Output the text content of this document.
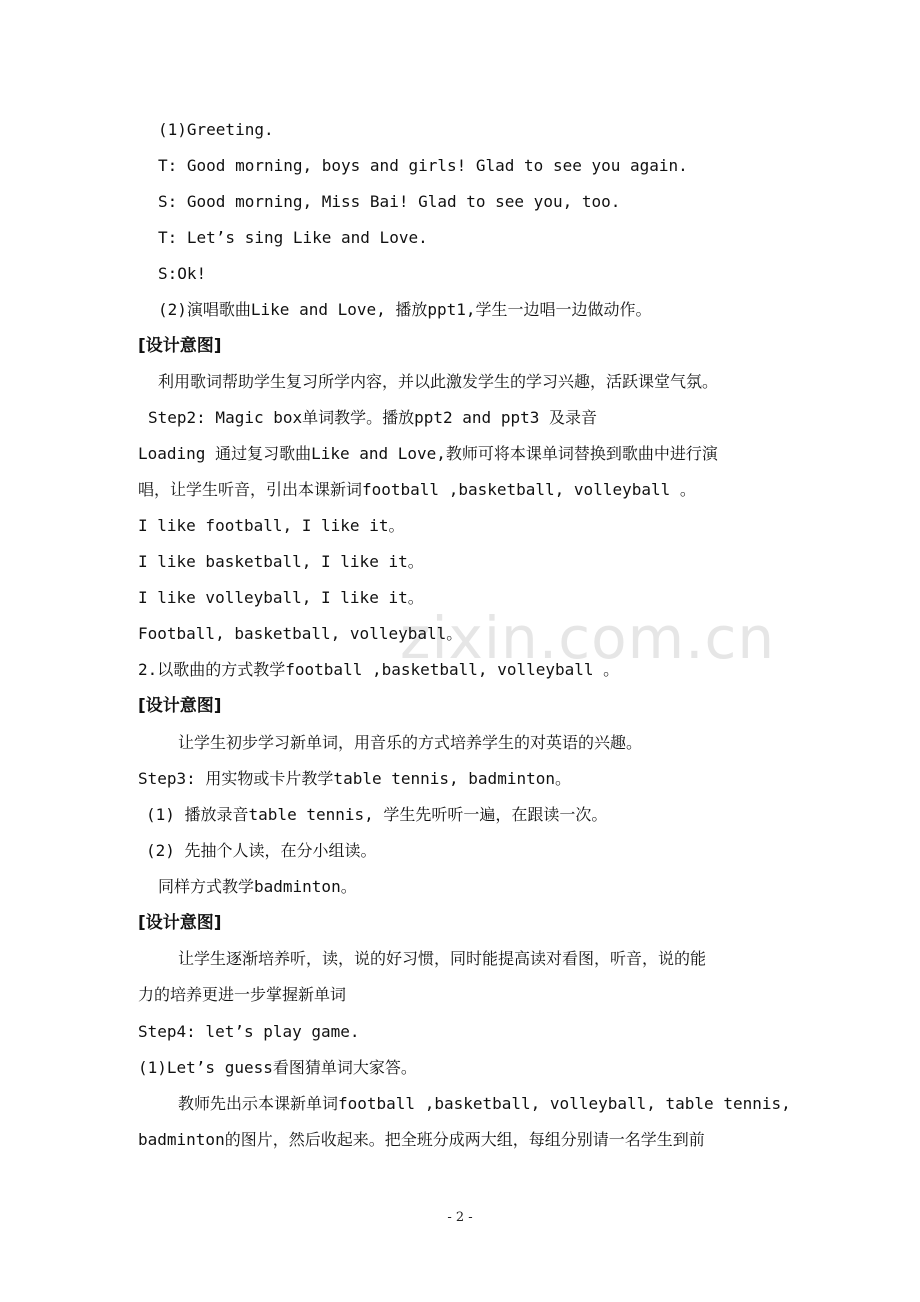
zixin.com.cn
(1)Greeting.
T: Good morning, boys and girls! Glad to see you again.
S: Good morning, Miss Bai! Glad to see you, too.
T: Let’s sing Like and Love.
S:Ok!
(2)演唱歌曲Like and Love, 播放ppt1,学生一边唱一边做动作。
[设计意图]
利用歌词帮助学生复习所学内容，并以此激发学生的学习兴趣，活跃课堂气氛。
Step2: Magic box单词教学。播放ppt2 and ppt3 及录音
Loading 通过复习歌曲Like and Love,教师可将本课单词替换到歌曲中进行演
唱，让学生听音，引出本课新词football ,basketball, volleyball 。
I like football, I like it。
I like basketball, I like it。
I like volleyball, I like it。
Football, basketball, volleyball。
2.以歌曲的方式教学football ,basketball, volleyball 。
[设计意图]
让学生初步学习新单词，用音乐的方式培养学生的对英语的兴趣。
Step3: 用实物或卡片教学table tennis, badminton。
(1) 播放录音table tennis, 学生先听听一遍，在跟读一次。
(2) 先抽个人读，在分小组读。
同样方式教学badminton。
[设计意图]
让学生逐渐培养听，读，说的好习惯，同时能提高读对看图，听音，说的能
力的培养更进一步掌握新单词
Step4: let’s play game.
(1)Let’s guess看图猜单词大家答。
教师先出示本课新单词football ,basketball, volleyball, table tennis,
badminton的图片，然后收起来。把全班分成两大组，每组分别请一名学生到前
- 2 -
